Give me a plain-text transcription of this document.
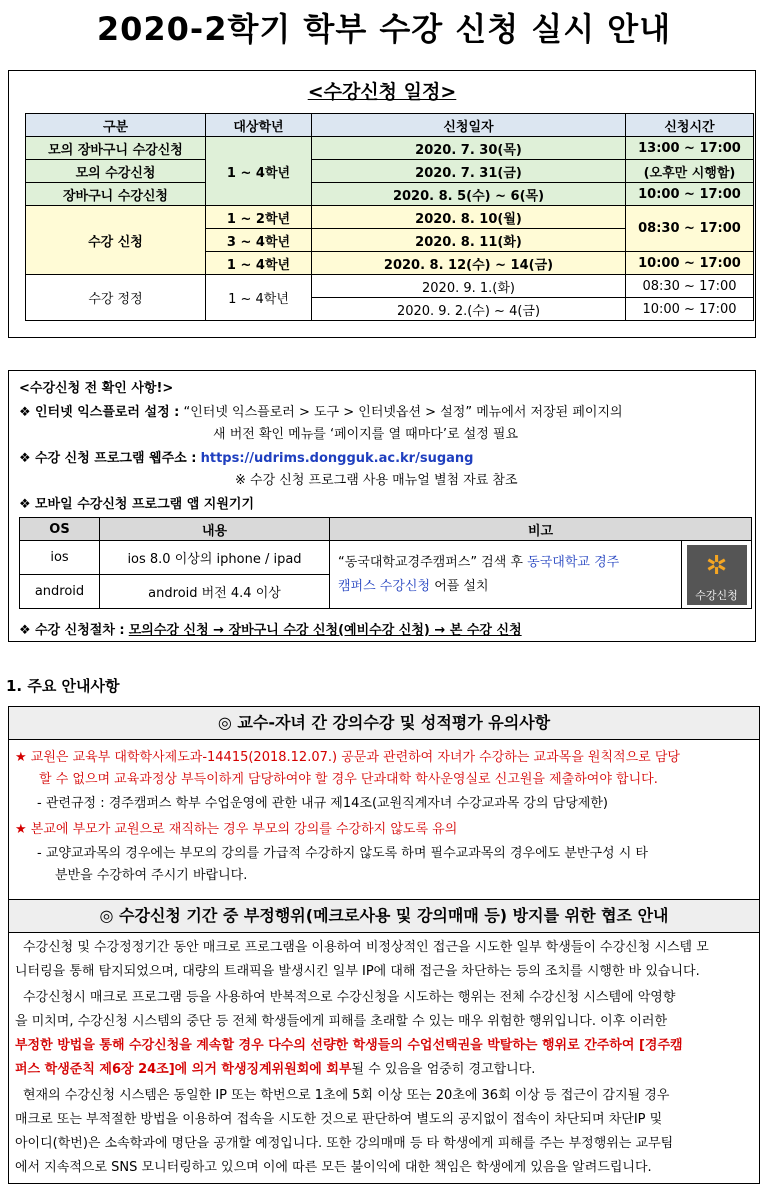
2020-2학기 학부 수강 신청 실시 안내
<수강신청 일정>
구분	대상학년	신청일자	신청시간
모의 장바구니 수강신청	1 ~ 4학년	2020. 7. 30(목)	13:00 ~ 17:00
모의 수강신청		2020. 7. 31(금)	(오후만 시행함)
장바구니 수강신청		2020. 8. 5(수) ~ 6(목)	10:00 ~ 17:00
수강 신청	1 ~ 2학년	2020. 8. 10(월)	08:30 ~ 17:00
	3 ~ 4학년	2020. 8. 11(화)	
	1 ~ 4학년	2020. 8. 12(수) ~ 14(금)	10:00 ~ 17:00
수강 정정	1 ~ 4학년	2020. 9. 1.(화)	08:30 ~ 17:00
		2020. 9. 2.(수) ~ 4(금)	10:00 ~ 17:00
<수강신청 전 확인 사항!>
❖ 인터넷 익스플로러 설정 : “인터넷 익스플로러 > 도구 > 인터넷옵션 > 설정” 메뉴에서 저장된 페이지의
새 버전 확인 메뉴를 ‘페이지를 열 때마다’로 설정 필요
❖ 수강 신청 프로그램 웹주소 : https://udrims.dongguk.ac.kr/sugang
※ 수강 신청 프로그램 사용 매뉴얼 별첨 자료 참조
❖ 모바일 수강신청 프로그램 앱 지원기기
OS	내용	비고	
ios	ios 8.0 이상의 iphone / ipad	“동국대학교경주캠퍼스” 검색 후 동국대학교 경주
캠퍼스 수강신청 어플 설치	✲
수강신청

android	android 버전 4.4 이상		
❖ 수강 신청절차 : 모의수강 신청 → 장바구니 수강 신청(예비수강 신청) → 본 수강 신청
1. 주요 안내사항
◎ 교수-자녀 간 강의수강 및 성적평가 유의사항
★ 교원은 교육부 대학학사제도과-14415(2018.12.07.) 공문과 관련하여 자녀가 수강하는 교과목을 원칙적으로 담당
할 수 없으며 교육과정상 부득이하게 담당하여야 할 경우 단과대학 학사운영실로 신고원을 제출하여야 합니다.
- 관련규정 : 경주캠퍼스 학부 수업운영에 관한 내규 제14조(교원직계자녀 수강교과목 강의 담당제한)
★ 본교에 부모가 교원으로 재직하는 경우 부모의 강의를 수강하지 않도록 유의
- 교양교과목의 경우에는 부모의 강의를 가급적 수강하지 않도록 하며 필수교과목의 경우에도 분반구성 시 타
분반을 수강하여 주시기 바랍니다.
◎ 수강신청 기간 중 부정행위(메크로사용 및 강의매매 등) 방지를 위한 협조 안내
수강신청 및 수강정정기간 동안 매크로 프로그램을 이용하여 비정상적인 접근을 시도한 일부 학생들이 수강신청 시스템 모
니터링을 통해 탐지되었으며, 대량의 트래픽을 발생시킨 일부 IP에 대해 접근을 차단하는 등의 조치를 시행한 바 있습니다.
수강신청시 매크로 프로그램 등을 사용하여 반복적으로 수강신청을 시도하는 행위는 전체 수강신청 시스템에 악영향
을 미치며, 수강신청 시스템의 중단 등 전체 학생들에게 피해를 초래할 수 있는 매우 위험한 행위입니다. 이후 이러한
부정한 방법을 통해 수강신청을 계속할 경우 다수의 선량한 학생들의 수업선택권을 박탈하는 행위로 간주하여 [경주캠
퍼스 학생준칙 제6장 24조]에 의거 학생징계위원회에 회부될 수 있음을 엄중히 경고합니다.
현재의 수강신청 시스템은 동일한 IP 또는 학번으로 1초에 5회 이상 또는 20초에 36회 이상 등 접근이 감지될 경우
매크로 또는 부적절한 방법을 이용하여 접속을 시도한 것으로 판단하여 별도의 공지없이 접속이 차단되며 차단IP 및
아이디(학번)은 소속학과에 명단을 공개할 예정입니다. 또한 강의매매 등 타 학생에게 피해를 주는 부정행위는 교무팀
에서 지속적으로 SNS 모니터링하고 있으며 이에 따른 모든 불이익에 대한 책임은 학생에게 있음을 알려드립니다.
